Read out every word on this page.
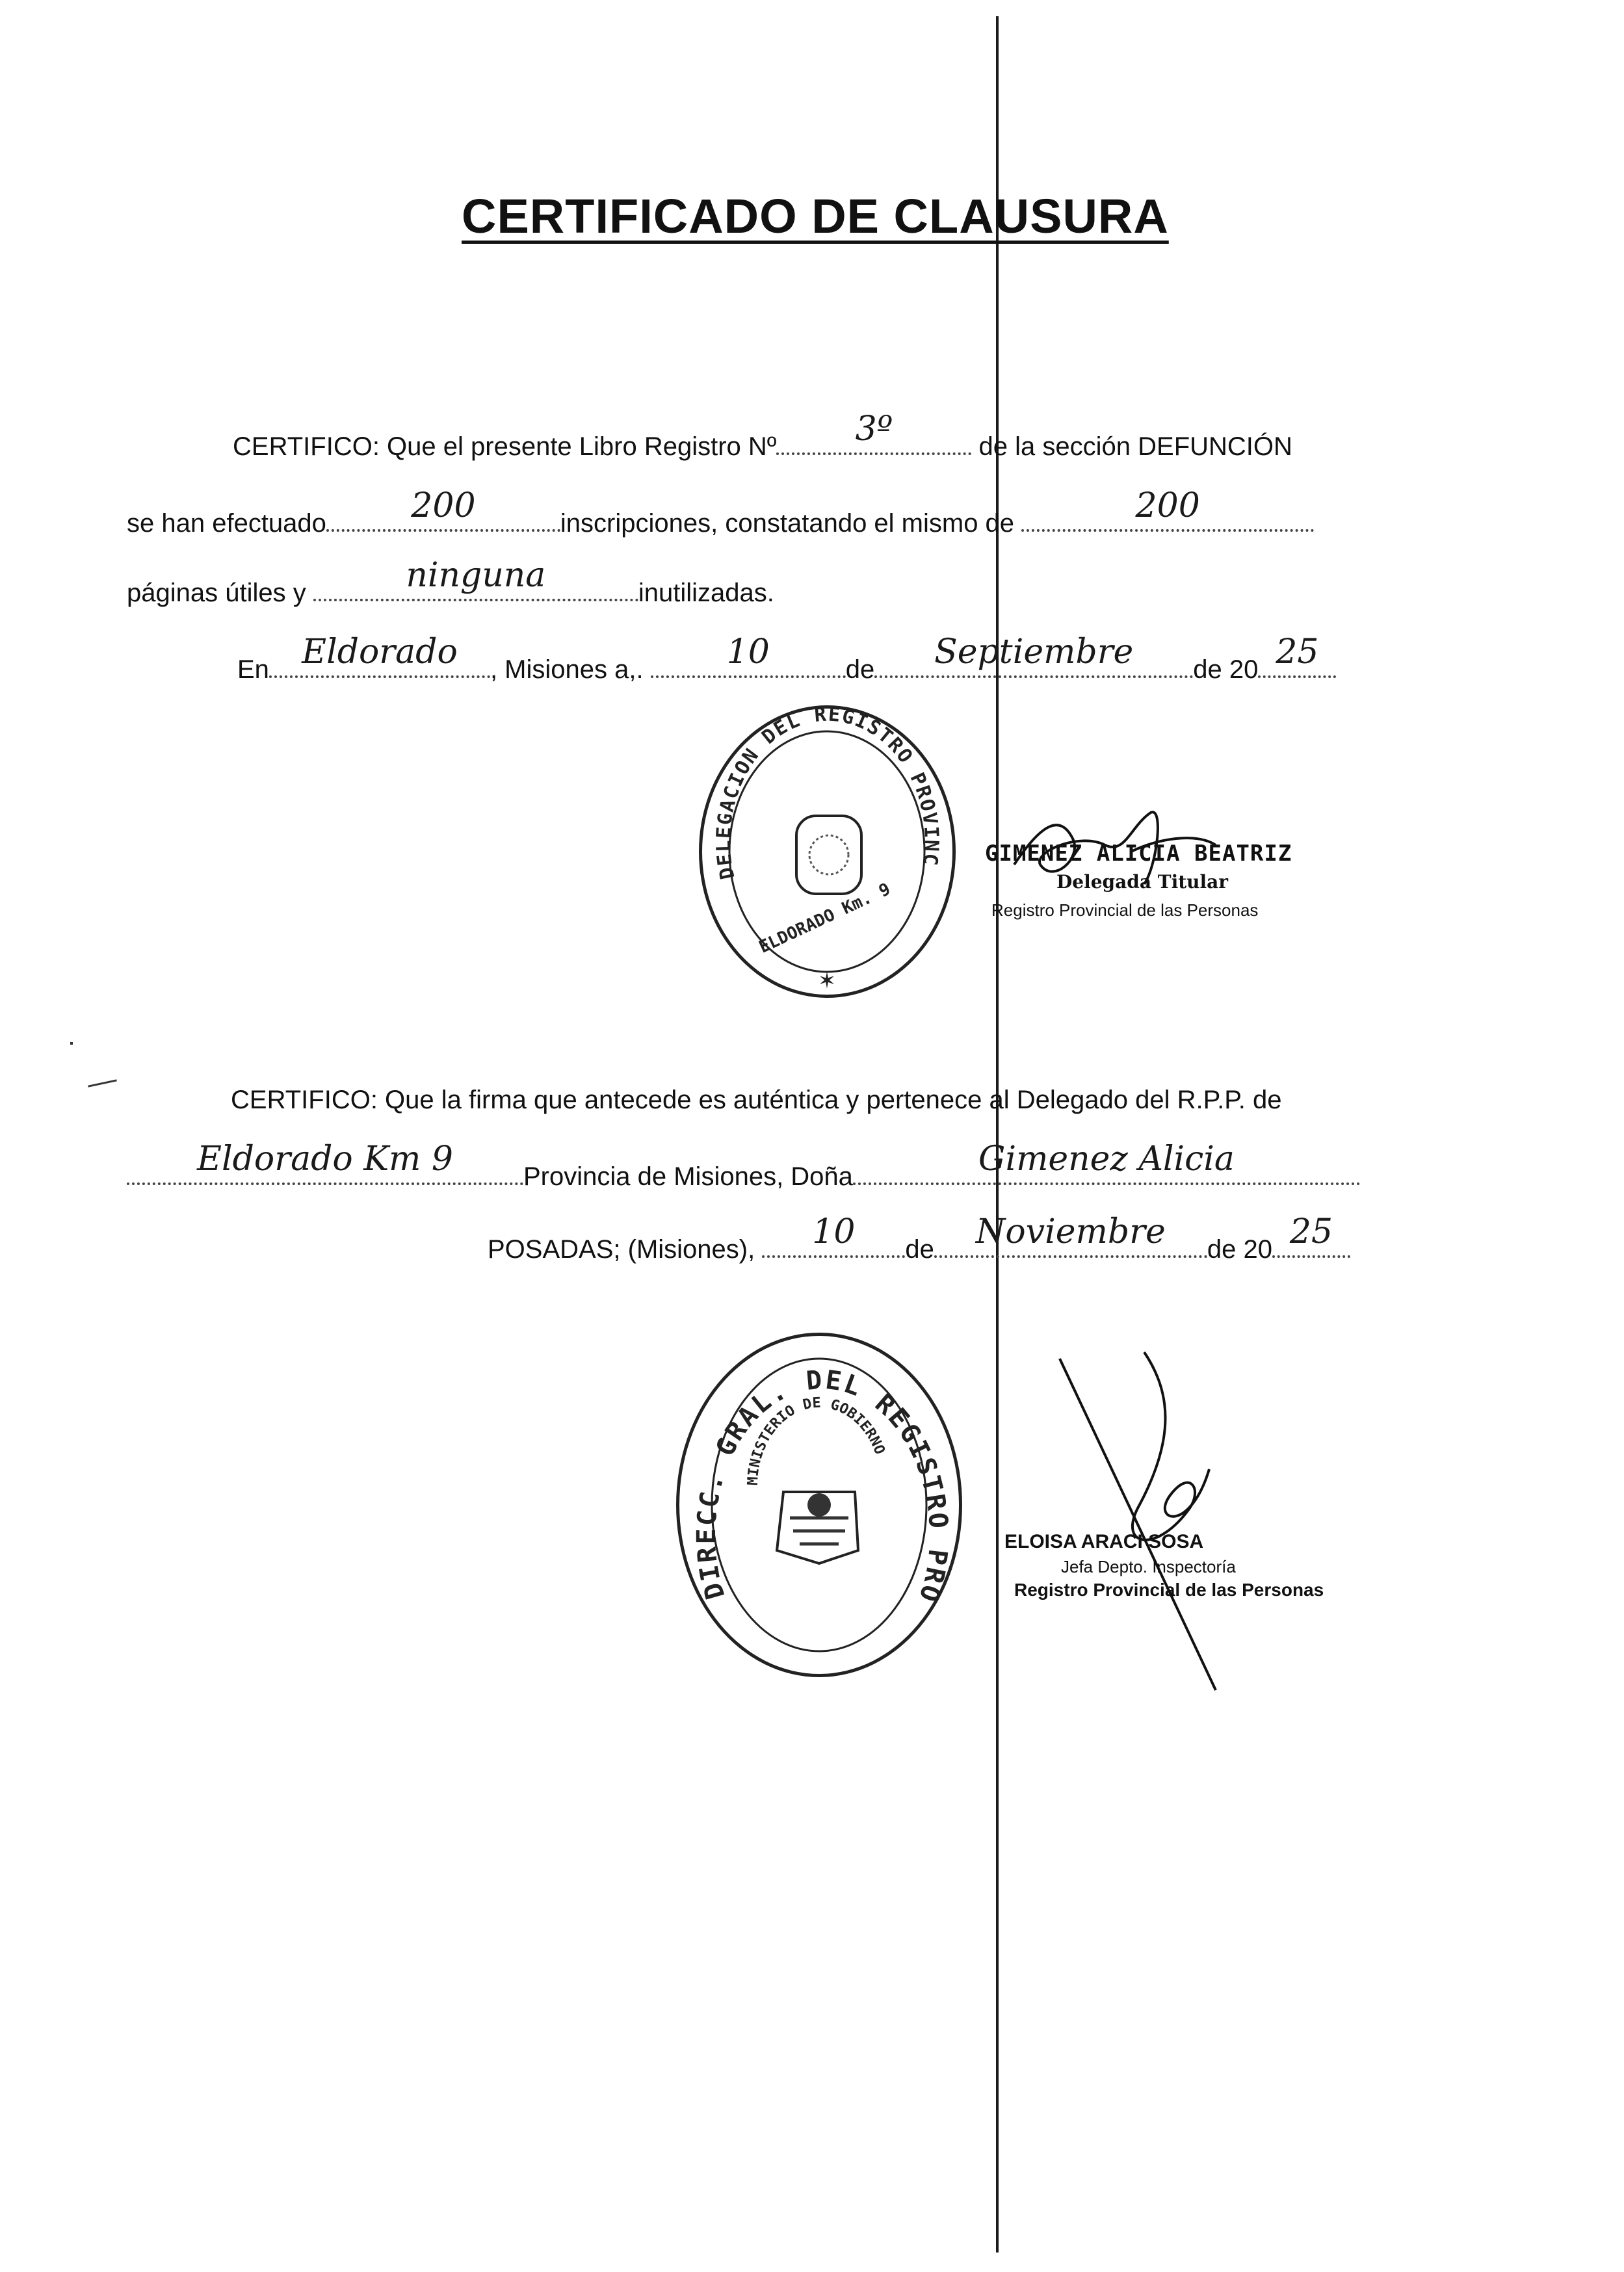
CERTIFICADO DE CLAUSURA
CERTIFICO: Que el presente Libro Registro Nº 3º	de la sección DEFUNCIÓN
se han efectuado	200	inscripciones, constatando el mismo de	200
páginas útiles y	ninguna	inutilizadas.
En Eldorado , Misiones a,. 10	de Septiembre de 20 25
DELEGACION DEL REGISTRO PROVINC
ELDORADO Km. 9
✶
GIMENEZ ALICIA BEATRIZ
Delegada Titular
Registro Provincial de las Personas
CERTIFICO: Que la firma que antecede es auténtica y pertenece al Delegado del R.P.P. de
Eldorado Km 9	Provincia de Misiones, Doña	Gimenez Alicia
POSADAS; (Misiones), 10 de Noviembre de 20 25
DIRECC. GRAL. DEL REGISTRO PRO
MINISTERIO DE GOBIERNO
ELOISA ARACI SOSA
Jefa Depto. Inspectoría
Registro Provincial de las Personas
